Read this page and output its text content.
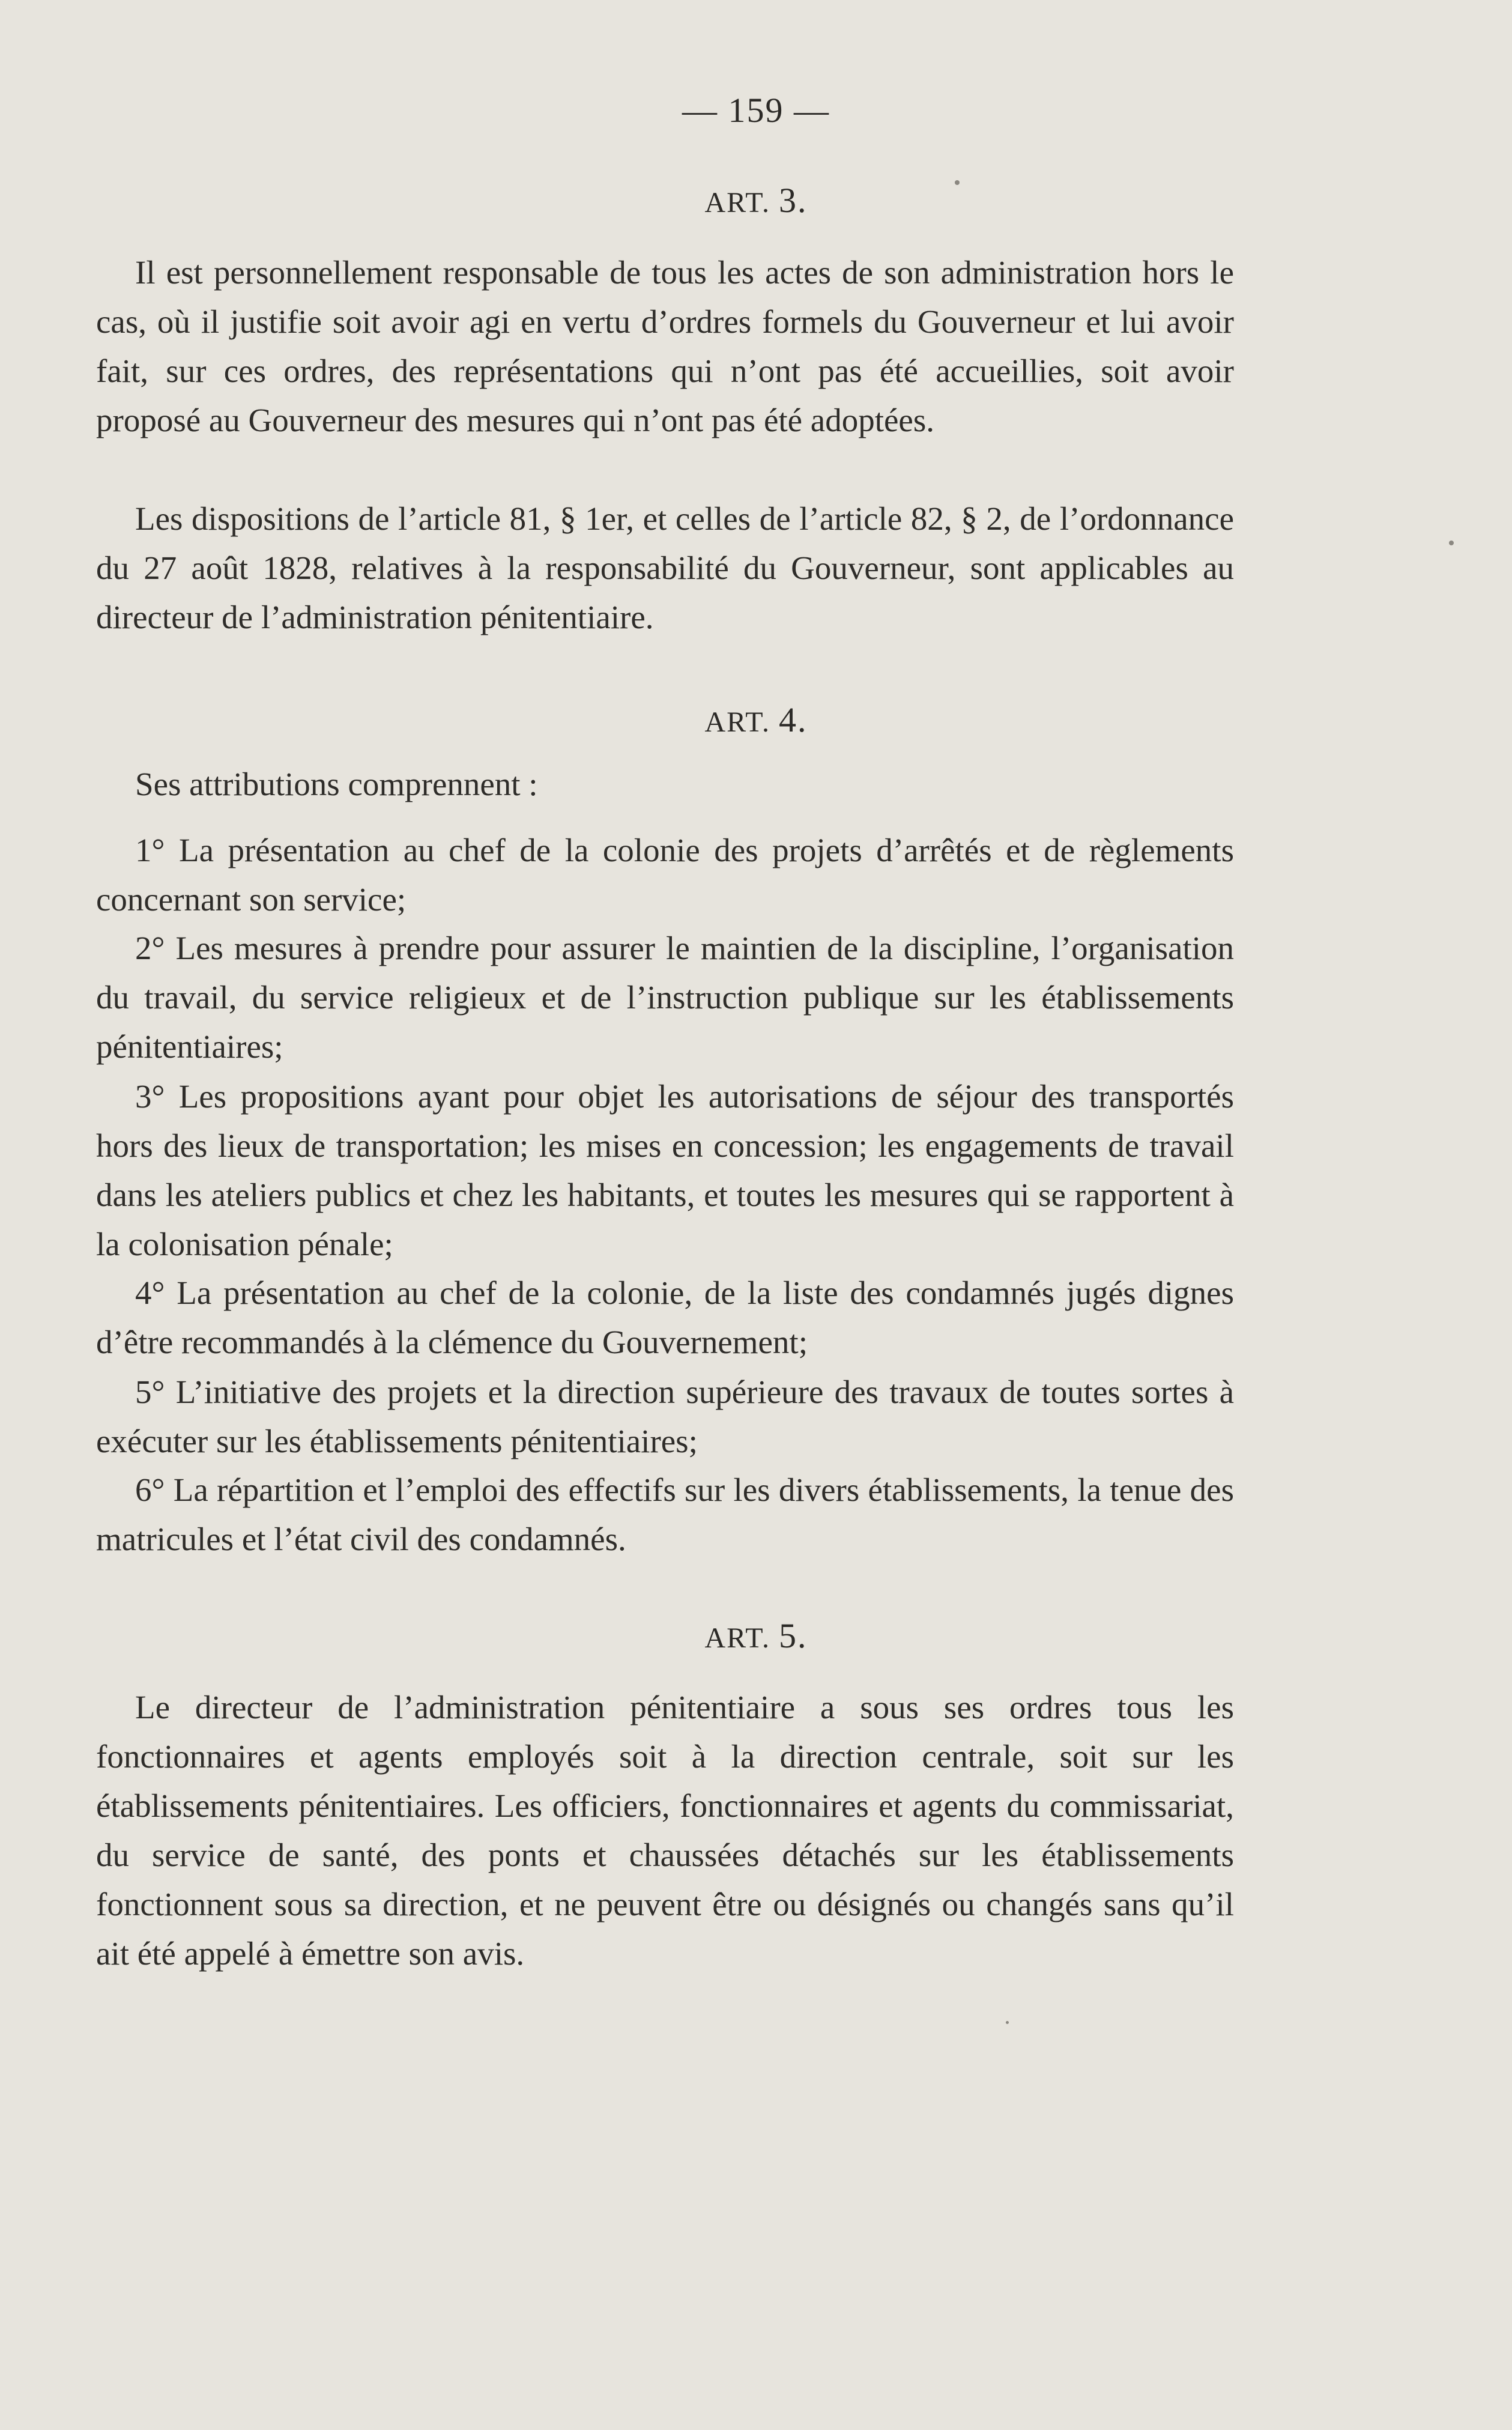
— 159 —
ART. 3.
Il est personnellement responsable de tous les actes de son administration hors le cas, où il justifie soit avoir agi en vertu d’ordres formels du Gouverneur et lui avoir fait, sur ces ordres, des représentations qui n’ont pas été accueillies, soit avoir proposé au Gouverneur des mesures qui n’ont pas été adoptées.
Les dispositions de l’article 81, § 1er, et celles de l’article 82, § 2, de l’ordonnance du 27 août 1828, relatives à la responsabilité du Gouverneur, sont applicables au directeur de l’administration pénitentiaire.
ART. 4.
Ses attributions comprennent :
1° La présentation au chef de la colonie des projets d’arrêtés et de règlements concernant son service;
2° Les mesures à prendre pour assurer le maintien de la discipline, l’organisation du travail, du service religieux et de l’instruction publique sur les établissements pénitentiaires;
3° Les propositions ayant pour objet les autorisations de séjour des transportés hors des lieux de transportation; les mises en concession; les engagements de travail dans les ateliers publics et chez les habitants, et toutes les mesures qui se rapportent à la colonisation pénale;
4° La présentation au chef de la colonie, de la liste des condamnés jugés dignes d’être recommandés à la clémence du Gouvernement;
5° L’initiative des projets et la direction supérieure des travaux de toutes sortes à exécuter sur les établissements pénitentiaires;
6° La répartition et l’emploi des effectifs sur les divers établissements, la tenue des matricules et l’état civil des condamnés.
ART. 5.
Le directeur de l’administration pénitentiaire a sous ses ordres tous les fonctionnaires et agents employés soit à la direction centrale, soit sur les établissements pénitentiaires. Les officiers, fonctionnaires et agents du commissariat, du service de santé, des ponts et chaussées détachés sur les établissements fonctionnent sous sa direction, et ne peuvent être ou désignés ou changés sans qu’il ait été appelé à émettre son avis.
